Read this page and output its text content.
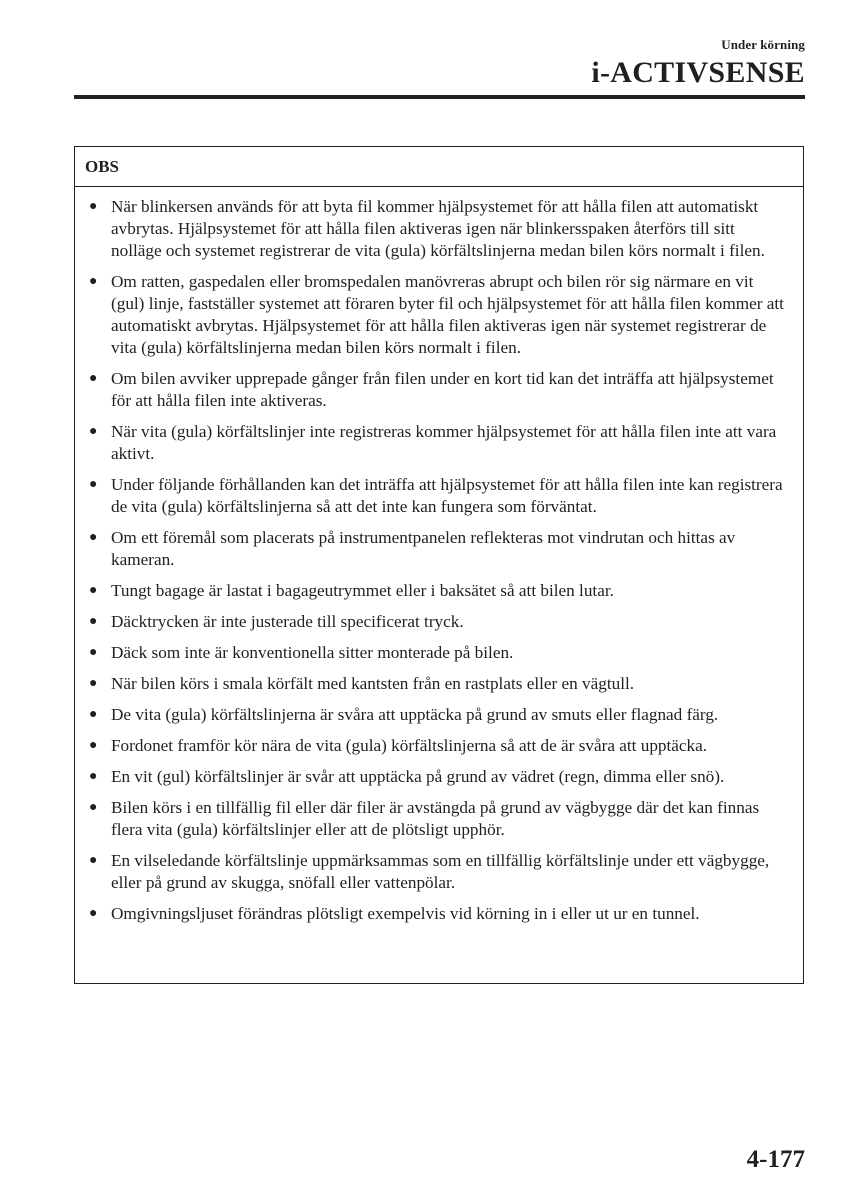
Under körning
i-ACTIVSENSE
OBS
● När blinkersen används för att byta fil kommer hjälpsystemet för att hålla filen att automatiskt avbrytas. Hjälpsystemet för att hålla filen aktiveras igen när blinkersspaken återförs till sitt nolläge och systemet registrerar de vita (gula) körfältslinjerna medan bilen körs normalt i filen.
● Om ratten, gaspedalen eller bromspedalen manövreras abrupt och bilen rör sig närmare en vit (gul) linje, fastställer systemet att föraren byter fil och hjälpsystemet för att hålla filen kommer att automatiskt avbrytas. Hjälpsystemet för att hålla filen aktiveras igen när systemet registrerar de vita (gula) körfältslinjerna medan bilen körs normalt i filen.
● Om bilen avviker upprepade gånger från filen under en kort tid kan det inträffa att hjälpsystemet för att hålla filen inte aktiveras.
● När vita (gula) körfältslinjer inte registreras kommer hjälpsystemet för att hålla filen inte att vara aktivt.
● Under följande förhållanden kan det inträffa att hjälpsystemet för att hålla filen inte kan registrera de vita (gula) körfältslinjerna så att det inte kan fungera som förväntat.
● Om ett föremål som placerats på instrumentpanelen reflekteras mot vindrutan och hittas av kameran.
● Tungt bagage är lastat i bagageutrymmet eller i baksätet så att bilen lutar.
● Däcktrycken är inte justerade till specificerat tryck.
● Däck som inte är konventionella sitter monterade på bilen.
● När bilen körs i smala körfält med kantsten från en rastplats eller en vägtull.
● De vita (gula) körfältslinjerna är svåra att upptäcka på grund av smuts eller flagnad färg.
● Fordonet framför kör nära de vita (gula) körfältslinjerna så att de är svåra att upptäcka.
● En vit (gul) körfältslinjer är svår att upptäcka på grund av vädret (regn, dimma eller snö).
● Bilen körs i en tillfällig fil eller där filer är avstängda på grund av vägbygge där det kan finnas flera vita (gula) körfältslinjer eller att de plötsligt upphör.
● En vilseledande körfältslinje uppmärksammas som en tillfällig körfältslinje under ett vägbygge, eller på grund av skugga, snöfall eller vattenpölar.
● Omgivningsljuset förändras plötsligt exempelvis vid körning in i eller ut ur en tunnel.
4-177
